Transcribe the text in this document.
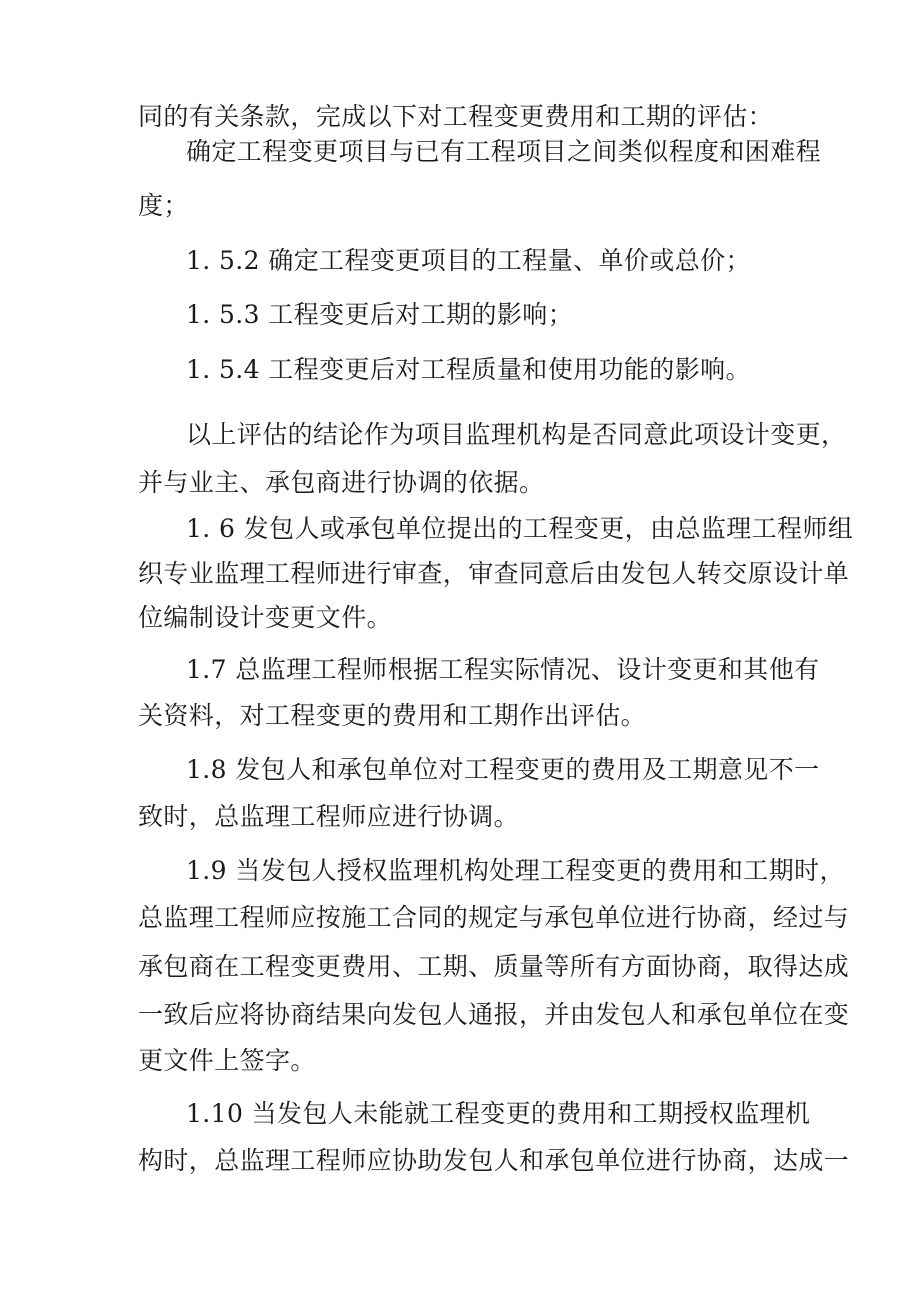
同的有关条款，完成以下对工程变更费用和工期的评估：
确定工程变更项目与已有工程项目之间类似程度和困难程
度；
1. 5.2 确定工程变更项目的工程量、单价或总价；
1. 5.3 工程变更后对工期的影响；
1. 5.4 工程变更后对工程质量和使用功能的影响。
以上评估的结论作为项目监理机构是否同意此项设计变更，
并与业主、承包商进行协调的依据。
1. 6 发包人或承包单位提出的工程变更，由总监理工程师组
织专业监理工程师进行审查，审查同意后由发包人转交原设计单
位编制设计变更文件。
1.7 总监理工程师根据工程实际情况、设计变更和其他有
关资料，对工程变更的费用和工期作出评估。
1.8 发包人和承包单位对工程变更的费用及工期意见不一
致时，总监理工程师应进行协调。
1.9 当发包人授权监理机构处理工程变更的费用和工期时，
总监理工程师应按施工合同的规定与承包单位进行协商，经过与
承包商在工程变更费用、工期、质量等所有方面协商，取得达成
一致后应将协商结果向发包人通报，并由发包人和承包单位在变
更文件上签字。
1.10 当发包人未能就工程变更的费用和工期授权监理机
构时，总监理工程师应协助发包人和承包单位进行协商，达成一
